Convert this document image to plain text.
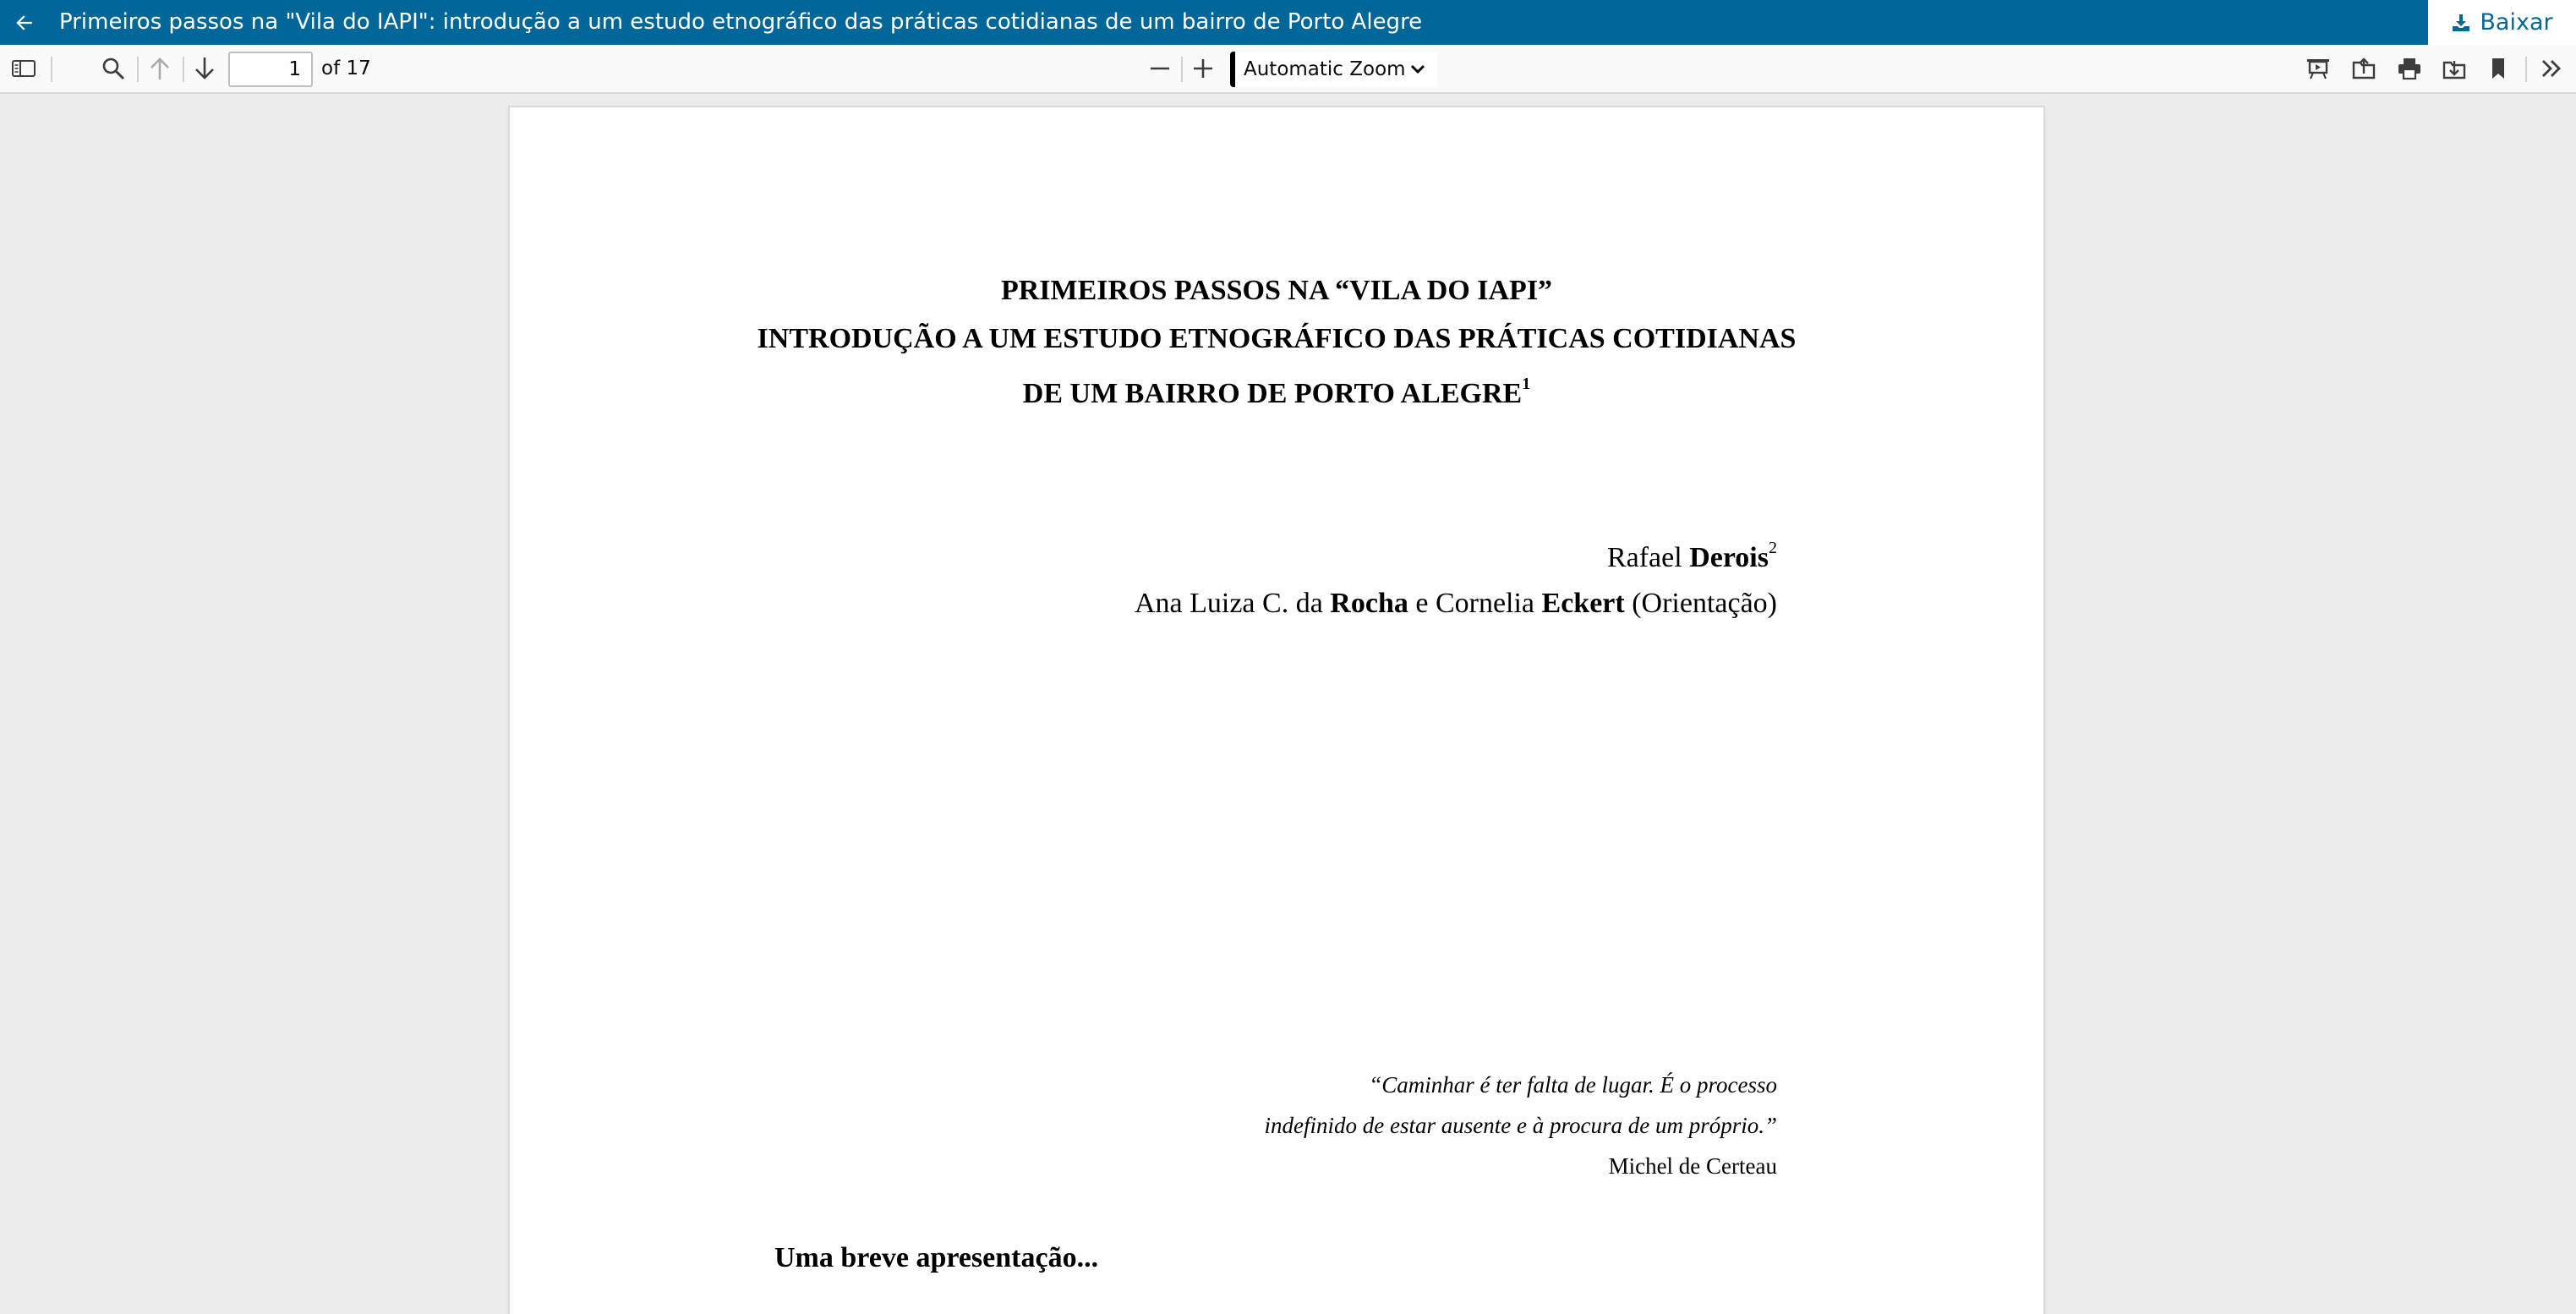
Primeiros passos na "Vila do IAPI": introdução a um estudo etnográfico das práticas cotidianas de um bairro de Porto Alegre	Baixar
1
of 17	Automatic Zoom
PRIMEIROS PASSOS NA “VILA DO IAPI”
INTRODUÇÃO A UM ESTUDO ETNOGRÁFICO DAS PRÁTICAS COTIDIANAS
DE UM BAIRRO DE PORTO ALEGRE$^1$
Rafael Derois$^2$
Ana Luiza C. da Rocha e Cornelia Eckert (Orientação)
“Caminhar é ter falta de lugar. É o processo
indefinido de estar ausente e à procura de um próprio.”
Michel de Certeau
Uma breve apresentação...
